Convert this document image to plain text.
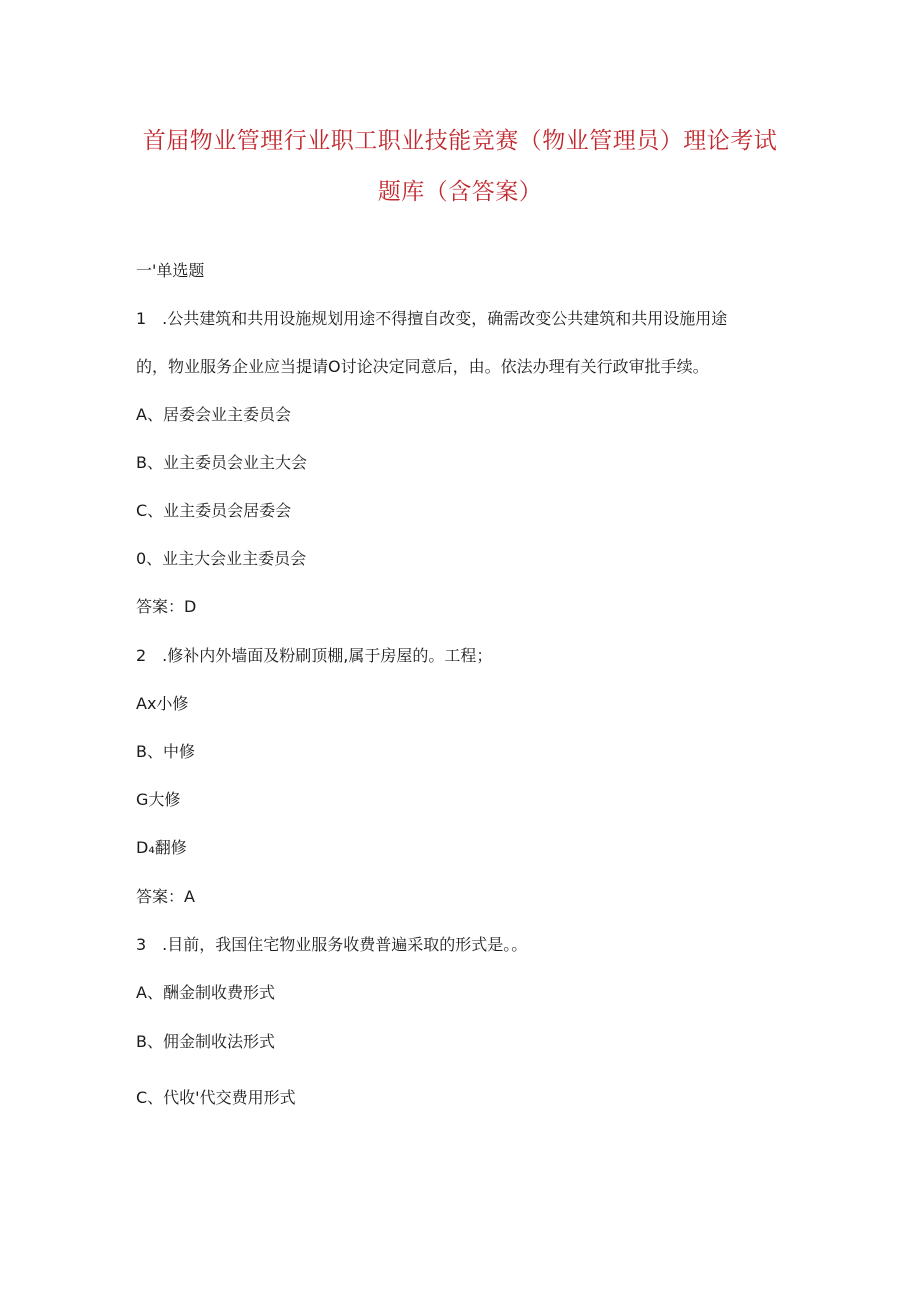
首届物业管理行业职工职业技能竞赛（物业管理员）理论考试
题库（含答案）

一'单选题

1　.公共建筑和共用设施规划用途不得擅自改变，确需改变公共建筑和共用设施用途

的，物业服务企业应当提请O讨论决定同意后，由。依法办理有关行政审批手续。

A、居委会业主委员会

B、业主委员会业主大会

C、业主委员会居委会

0、业主大会业主委员会

答案：D

2　.修补内外墙面及粉刷顶棚,属于房屋的。工程；

Ax小修

B、中修

G大修

D₄翻修

答案：A

3　.目前，我国住宅物业服务收费普遍采取的形式是。。

A、酬金制收费形式

B、佣金制收法形式

C、代收'代交费用形式
